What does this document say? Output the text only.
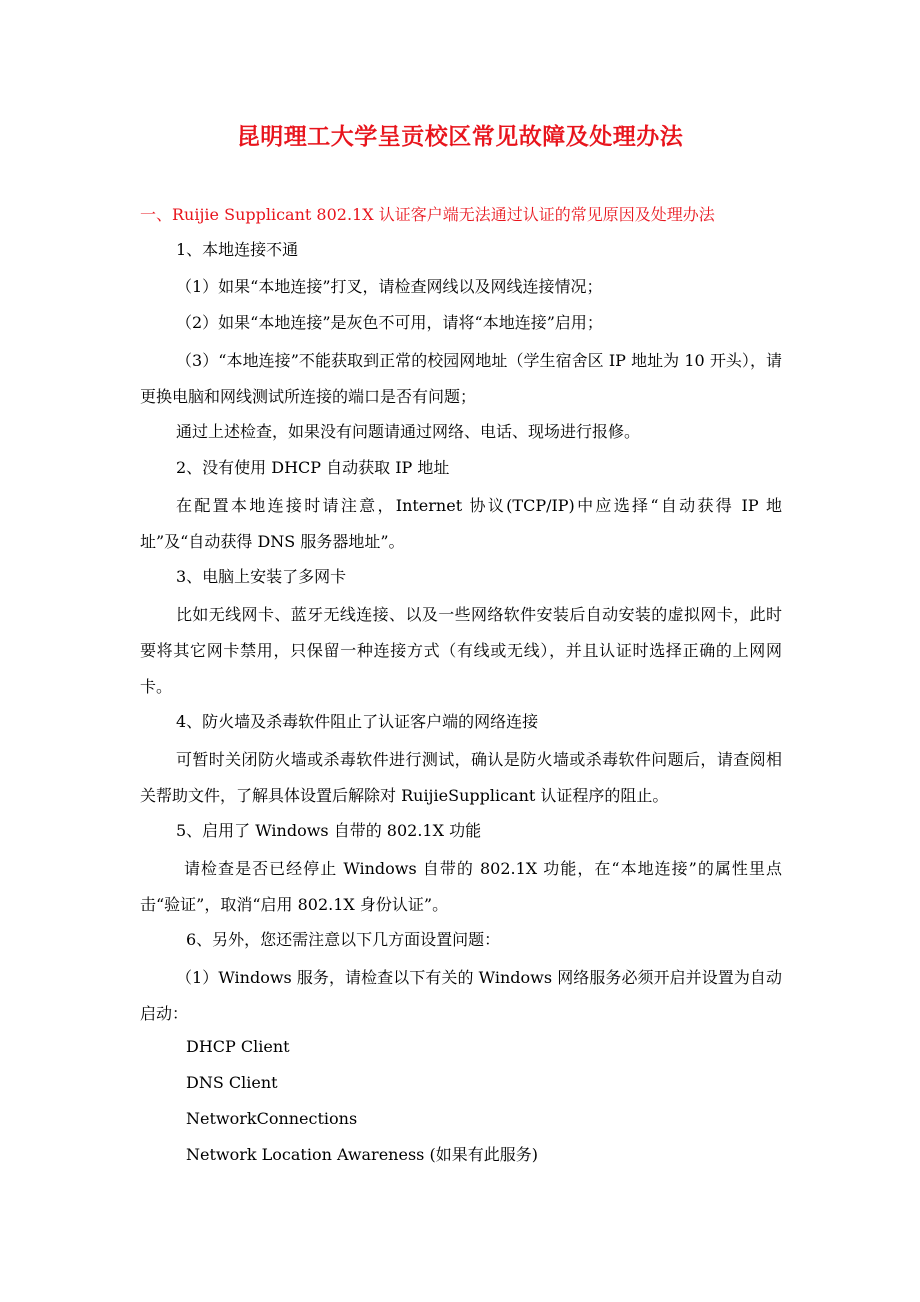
昆明理工大学呈贡校区常见故障及处理办法
一、Ruijie Supplicant 802.1X 认证客户端无法通过认证的常见原因及处理办法
1、本地连接不通
（1）如果“本地连接”打叉，请检查网线以及网线连接情况；
（2）如果“本地连接”是灰色不可用，请将“本地连接”启用；
（3）“本地连接”不能获取到正常的校园网地址（学生宿舍区 IP 地址为 10 开头），请更换电脑和网线测试所连接的端口是否有问题；
通过上述检查，如果没有问题请通过网络、电话、现场进行报修。
2、没有使用 DHCP 自动获取 IP 地址
在配置本地连接时请注意，Internet 协议(TCP/IP)中应选择“自动获得 IP 地址”及“自动获得 DNS 服务器地址”。
3、电脑上安装了多网卡
比如无线网卡、蓝牙无线连接、以及一些网络软件安装后自动安装的虚拟网卡，此时要将其它网卡禁用，只保留一种连接方式（有线或无线），并且认证时选择正确的上网网卡。
4、防火墙及杀毒软件阻止了认证客户端的网络连接
可暂时关闭防火墙或杀毒软件进行测试，确认是防火墙或杀毒软件问题后，请查阅相关帮助文件，了解具体设置后解除对 RuijieSupplicant 认证程序的阻止。
5、启用了 Windows 自带的 802.1X 功能
请检查是否已经停止 Windows 自带的 802.1X 功能，在“本地连接”的属性里点击“验证”，取消“启用 802.1X 身份认证”。
6、另外，您还需注意以下几方面设置问题：
（1）Windows 服务，请检查以下有关的 Windows 网络服务必须开启并设置为自动启动：
DHCP Client
DNS Client
NetworkConnections
Network Location Awareness (如果有此服务)
